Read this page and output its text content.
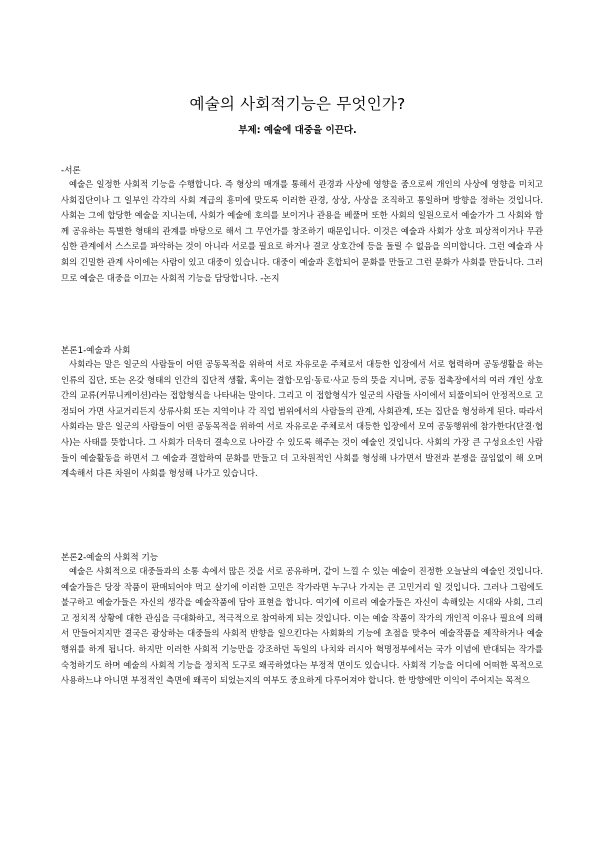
예술의 사회적기능은 무엇인가?
부제: 예술에 대중을 이끈다.
-서론

예술은 일정한 사회적 기능을 수행합니다. 즉 형상의 매개를 통해서 관경과 사상에 영향을 줌으로써 개인의 사상에 영향을 미치고 사회집단이나 그 일부인 각각의 사회 계급의 흥미에 맞도록 이러한 관경, 상상, 사상을 조직하고 통일하며 방향을 정하는 것입니다. 사회는 그에 합당한 예술을 지니는데, 사회가 예술에 호의를 보이거나 관용을 베풀며 또한 사회의 일원으로서 예술가가 그 사회와 함께 공유하는 특별한 형태의 관계를 바탕으로 해서 그 무언가를 창조하기 때문입니다. 이것은 예술과 사회가 상호 피상적이거나 무관심한 관계에서 스스로를 파악하는 것이 아니라 서로를 필요로 하거나 결코 상호간에 등을 돌릴 수 없음을 의미합니다. 그런 예술과 사회의 긴밀한 관계 사이에는 사람이 있고 대중이 있습니다. 대중이 예술과 혼합되어 문화를 만들고 그런 문화가 사회를 만듭니다. 그러므로 예술은 대중을 이끄는 사회적 기능을 담당합니다. -논지

본론1-예술과 사회

사회라는 말은 일군의 사람들이 어떤 공동목적을 위하여 서로 자유로운 주체로서 대등한 입장에서 서로 협력하며 공동생활을 하는 인류의 집단, 또는 온갖 형태의 인간의 집단적 생활, 혹이는 결합·모임·동료·사교 등의 뜻을 지니며, 공동 접촉장에서의 여러 개인 상호간의 교류(커뮤니케이션)라는 접합형식을 나타내는 말이다. 그리고 이 접합형식가 일군의 사람들 사이에서 되풀이되어 안정적으로 고정되어 가면 사교거리든지 상류사회 또는 지역이나 각 직업 범위에서의 사람들의 관계, 사회관계, 또는 집단을 형성하게 된다. 따라서 사회라는 말은 일군의 사람들이 어떤 공동목적을 위하여 서로 자유로운 주체로서 대등한 입장에서 모여 공동행위에 참가한다(단결·협사)는 사태를 뜻합니다. 그 사회가 더욱더 결속으로 나아갈 수 있도록 해주는 것이 예술인 것입니다. 사회의 가장 큰 구성요소인 사람들이 예술활동을 하면서 그 예술과 결합하여 문화를 만들고 더 고차원적인 사회를 형성해 나가면서 발전과 분쟁을 끊임없이 해 오며 계속해서 다른 차원이 사회를 형성해 나가고 있습니다.

본론2-예술의 사회적 기능

예술은 사회적으로 대중들과의 소통 속에서 많은 것을 서로 공유하며, 같이 느낄 수 있는 예술이 진정한 오늘날의 예술인 것입니다. 예술가들은 당장 작품이 판매되어야 먹고 살기에 이러한 고민은 작가라면 누구나 가지는 큰 고민거리 일 것입니다. 그러나 그럼에도 불구하고 예술가들은 자신의 생각을 예술작품에 담아 표현을 합니다. 여기에 이르러 예술가들은 자신이 속해있는 시대와 사회, 그리고 정치적 상황에 대한 관심을 극대화하고, 적극적으로 참여하게 되는 것입니다. 이는 예술 작품이 작가의 개인적 이유나 필요에 의해서 만들어지지만 결국은 광상하는 대중들의 사회적 반향을 일으킨다는 사회화의 기능에 초점을 맞추어 예술작품을 제작하거나 예술행위를 하게 됩니다. 하지만 이러한 사회적 기능만을 강조하던 독일의 나치와 러시아 혁명정부에서는 국가 이념에 반대되는 작가를 숙청하기도 하며 예술의 사회적 기능을 정치적 도구로 왜곡하였다는 부정적 면이도 있습니다. 사회적 기능을 어디에 어떠한 목적으로 사용하느냐 아니면 부정적인 측면에 왜곡이 되었는지의 여부도 중요하게 다루어져야 합니다. 한 방향에만 이익이 주어지는 목적으
